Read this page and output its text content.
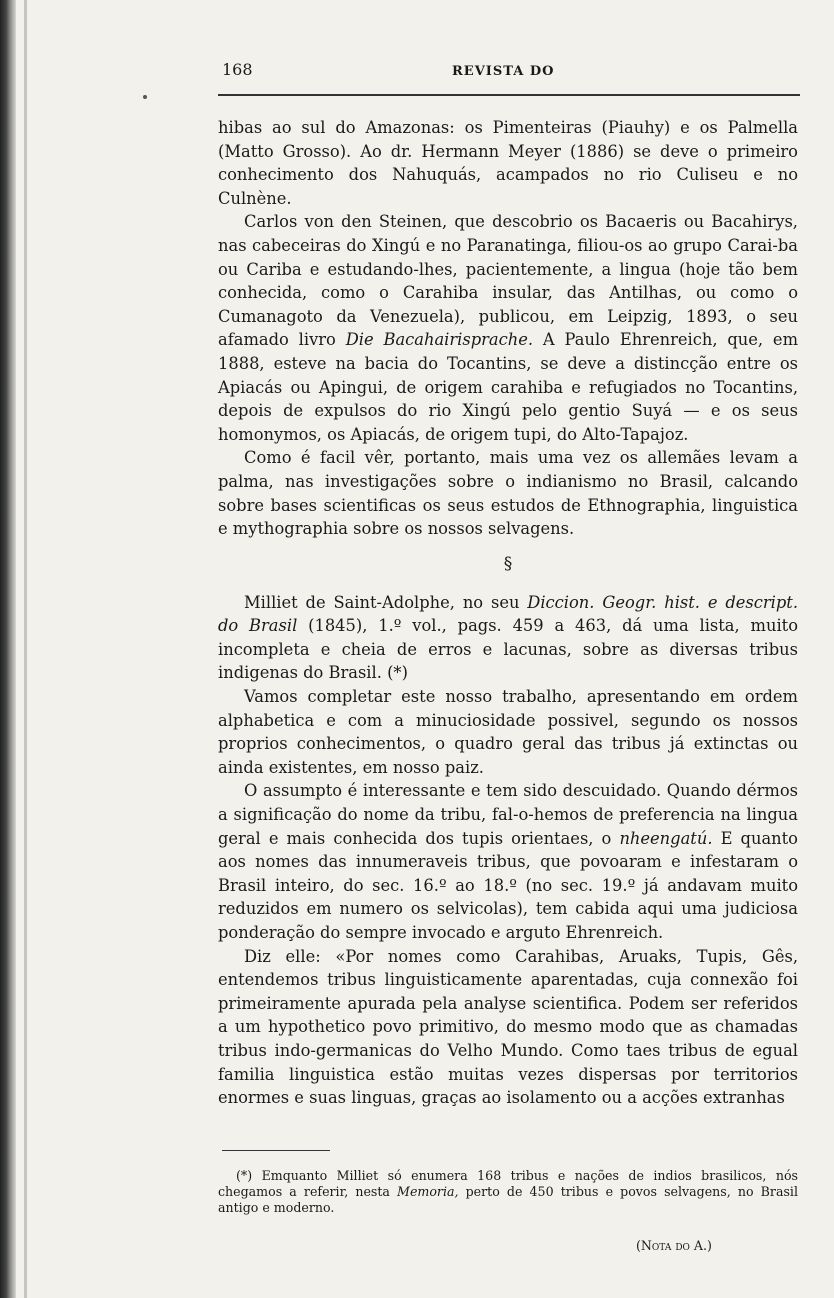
168	REVISTA DO

hibas ao sul do Amazonas: os Pimenteiras (Piauhy) e os Palmella (Matto Grosso). Ao dr. Hermann Meyer (1886) se deve o primeiro conhecimento dos Nahuquás, acampados no rio Culiseu e no Culnène.

Carlos von den Steinen, que descobrio os Bacaeris ou Bacahirys, nas cabeceiras do Xingú e no Paranatinga, filiou-os ao grupo Carai-ba ou Cariba e estudando-lhes, pacientemente, a lingua (hoje tão bem conhecida, como o Carahiba insular, das Antilhas, ou como o Cumanagoto da Venezuela), publicou, em Leipzig, 1893, o seu afamado livro Die Bacahairisprache. A Paulo Ehrenreich, que, em 1888, esteve na bacia do Tocantins, se deve a distincção entre os Apiacás ou Apingui, de origem carahiba e refugiados no Tocantins, depois de expulsos do rio Xingú pelo gentio Suyá — e os seus homonymos, os Apiacás, de origem tupi, do Alto-Tapajoz.

Como é facil vêr, portanto, mais uma vez os allemães levam a palma, nas investigações sobre o indianismo no Brasil, calcando sobre bases scientificas os seus estudos de Ethnographia, linguistica e mythographia sobre os nossos selvagens.

§

Milliet de Saint-Adolphe, no seu Diccion. Geogr. hist. e descript. do Brasil (1845), 1.º vol., pags. 459 a 463, dá uma lista, muito incompleta e cheia de erros e lacunas, sobre as diversas tribus indigenas do Brasil. (*)

Vamos completar este nosso trabalho, apresentando em ordem alphabetica e com a minuciosidade possivel, segundo os nossos proprios conhecimentos, o quadro geral das tribus já extinctas ou ainda existentes, em nosso paiz.

O assumpto é interessante e tem sido descuidado. Quando dérmos a significação do nome da tribu, fal-o-hemos de preferencia na lingua geral e mais conhecida dos tupis orientaes, o nheengatú. E quanto aos nomes das innumeraveis tribus, que povoaram e infestaram o Brasil inteiro, do sec. 16.º ao 18.º (no sec. 19.º já andavam muito reduzidos em numero os selvicolas), tem cabida aqui uma judiciosa ponderação do sempre invocado e arguto Ehrenreich.

Diz elle: «Por nomes como Carahibas, Aruaks, Tupis, Gês, entendemos tribus linguisticamente aparentadas, cuja connexão foi primeiramente apurada pela analyse scientifica. Podem ser referidos a um hypothetico povo primitivo, do mesmo modo que as chamadas tribus indo-germanicas do Velho Mundo. Como taes tribus de egual familia linguistica estão muitas vezes dispersas por territorios enormes e suas linguas, graças ao isolamento ou a acções extranhas

(*) Emquanto Milliet só enumera 168 tribus e nações de indios brasilicos, nós chegamos a referir, nesta Memoria, perto de 450 tribus e povos selvagens, no Brasil antigo e moderno.

(Nota do A.)
